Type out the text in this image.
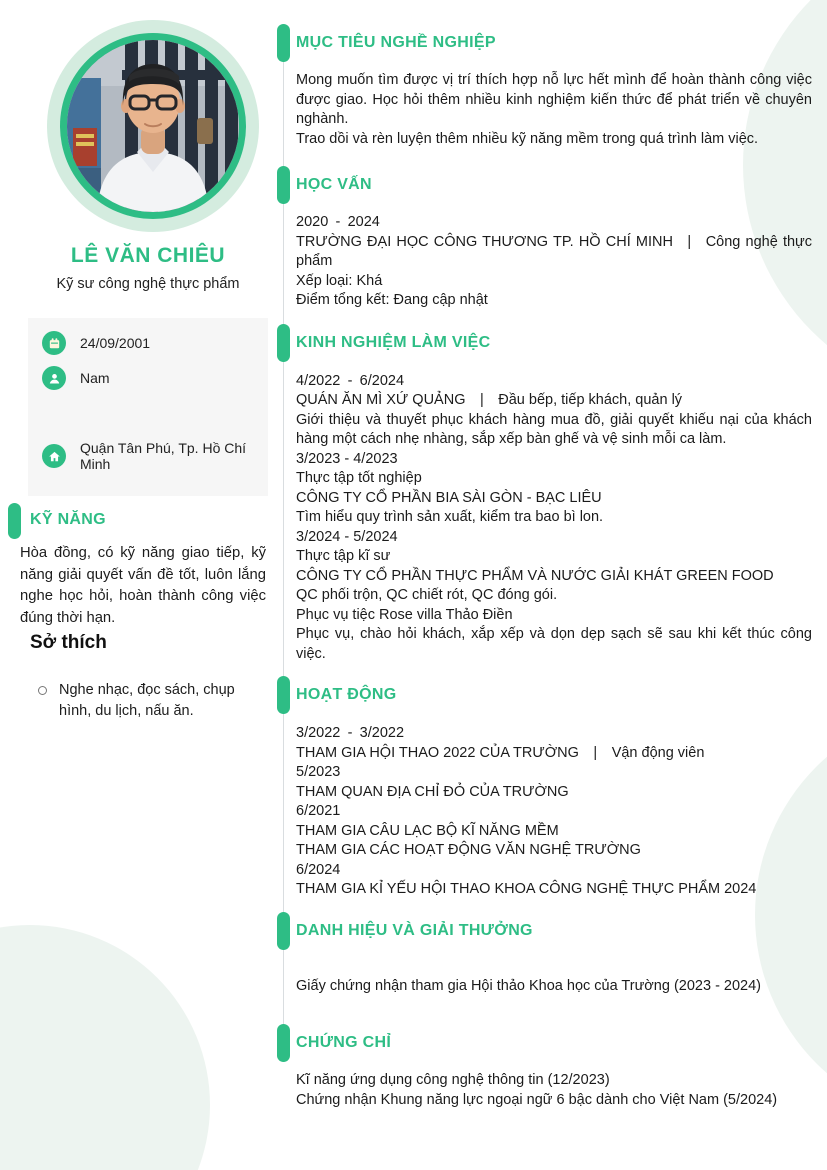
LÊ VĂN CHIÊU
Kỹ sư công nghệ thực phẩm
24/09/2001
Nam
Quận Tân Phú, Tp. Hồ Chí Minh
KỸ NĂNG
Hòa đồng, có kỹ năng giao tiếp, kỹ năng giải quyết vấn đề tốt, luôn lắng nghe học hỏi, hoàn thành công việc đúng thời hạn.
Sở thích
Nghe nhạc, đọc sách, chụp hình, du lịch, nấu ăn.
MỤC TIÊU NGHỀ NGHIỆP

Mong muốn tìm được vị trí thích hợp nỗ lực hết mình để hoàn thành công việc được giao. Học hỏi thêm nhiều kinh nghiệm kiến thức để phát triển về chuyên nghành.

Trao dồi và rèn luyện thêm nhiều kỹ năng mềm trong quá trình làm việc.

HỌC VẤN
2020 - 2024
TRƯỜNG ĐẠI HỌC CÔNG THƯƠNG TP. HỒ CHÍ MINH | Công nghệ thực phẩm
Xếp loại: Khá
Điểm tổng kết: Đang cập nhật
KINH NGHIỆM LÀM VIỆC
4/2022 - 6/2024
QUÁN ĂN MÌ XỨ QUẢNG | Đầu bếp, tiếp khách, quản lý
Giới thiệu và thuyết phục khách hàng mua đồ, giải quyết khiếu nại của khách hàng một cách nhẹ nhàng, sắp xếp bàn ghế và vệ sinh mỗi ca làm.
3/2023 - 4/2023
Thực tập tốt nghiệp
CÔNG TY CỔ PHẦN BIA SÀI GÒN - BẠC LIÊU
Tìm hiểu quy trình sản xuất, kiểm tra bao bì lon.
3/2024 - 5/2024
Thực tập kĩ sư
CÔNG TY CỔ PHẦN THỰC PHẨM VÀ NƯỚC GIẢI KHÁT GREEN FOOD
QC phối trộn, QC chiết rót, QC đóng gói.
Phục vụ tiệc Rose villa Thảo Điền
Phục vụ, chào hỏi khách, xắp xếp và dọn dẹp sạch sẽ sau khi kết thúc công việc.
HOẠT ĐỘNG
3/2022 - 3/2022
THAM GIA HỘI THAO 2022 CỦA TRƯỜNG | Vận động viên
5/2023
THAM QUAN ĐỊA CHỈ ĐỎ CỦA TRƯỜNG
6/2021
THAM GIA CÂU LẠC BỘ KĨ NĂNG MỀM
THAM GIA CÁC HOẠT ĐỘNG VĂN NGHỆ TRƯỜNG
6/2024
THAM GIA KỈ YẾU HỘI THAO KHOA CÔNG NGHỆ THỰC PHẨM 2024
DANH HIỆU VÀ GIẢI THƯỞNG
Giấy chứng nhận tham gia Hội thảo Khoa học của Trường (2023 - 2024)
CHỨNG CHỈ
Kĩ năng ứng dụng công nghệ thông tin (12/2023)
Chứng nhận Khung năng lực ngoại ngữ 6 bậc dành cho Việt Nam (5/2024)
